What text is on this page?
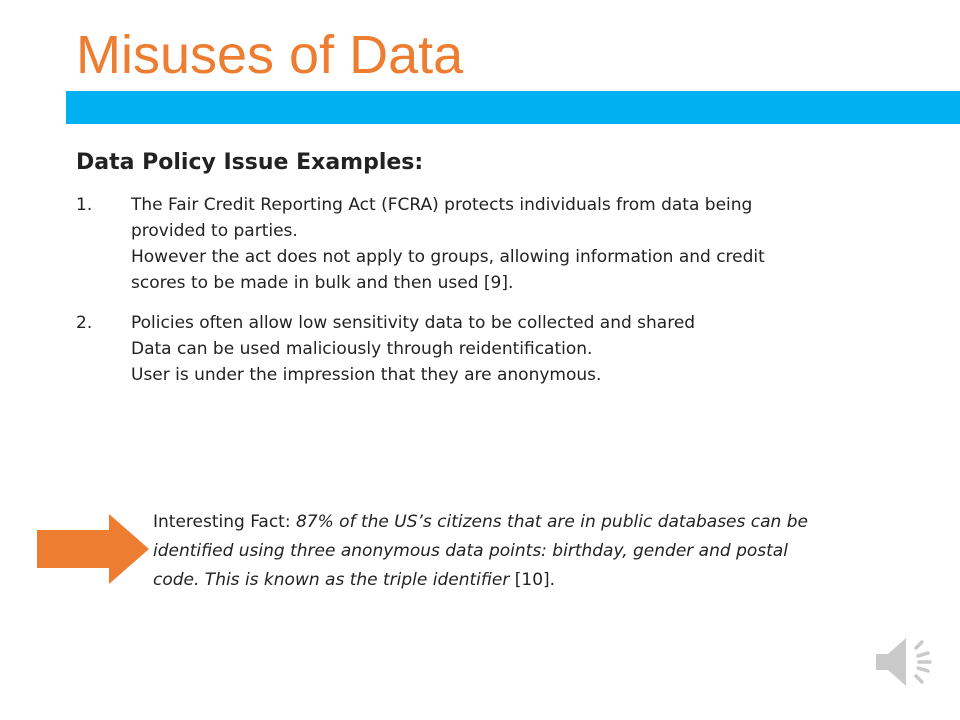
Misuses of Data
Data Policy Issue Examples:
1. The Fair Credit Reporting Act (FCRA) protects individuals from data being
provided to parties.
However the act does not apply to groups, allowing information and credit
scores to be made in bulk and then used [9].
2. Policies often allow low sensitivity data to be collected and shared
Data can be used maliciously through reidentification.
User is under the impression that they are anonymous.
Interesting Fact: 87% of the US’s citizens that are in public databases can be
identified using three anonymous data points: birthday, gender and postal
code. This is known as the triple identifier [10].
